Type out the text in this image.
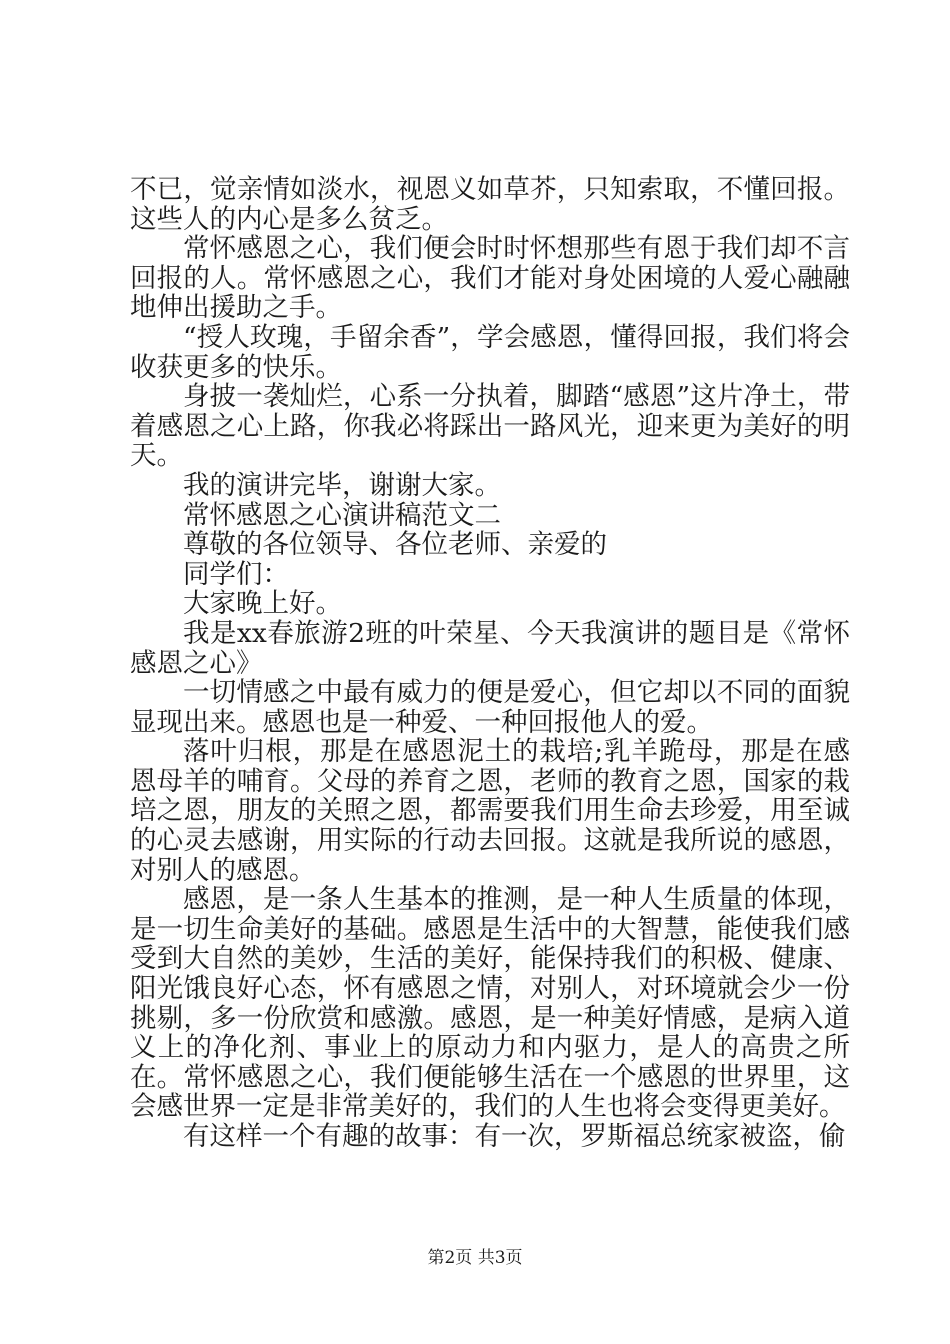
不已，觉亲情如淡水，视恩义如草芥，只知索取，不懂回报。这些人的内心是多么贫乏。

常怀感恩之心，我们便会时时怀想那些有恩于我们却不言回报的人。常怀感恩之心，我们才能对身处困境的人爱心融融地伸出援助之手。

“授人玫瑰，手留余香”，学会感恩，懂得回报，我们将会收获更多的快乐。

身披一袭灿烂，心系一分执着，脚踏“感恩”这片净土，带着感恩之心上路，你我必将踩出一路风光，迎来更为美好的明天。

我的演讲完毕，谢谢大家。

常怀感恩之心演讲稿范文二

尊敬的各位领导、各位老师、亲爱的

同学们：

大家晚上好。

我是xx春旅游2班的叶荣星、今天我演讲的题目是《常怀感恩之心》

一切情感之中最有威力的便是爱心，但它却以不同的面貌显现出来。感恩也是一种爱、一种回报他人的爱。

落叶归根，那是在感恩泥土的栽培;乳羊跪母，那是在感恩母羊的哺育。父母的养育之恩，老师的教育之恩，国家的栽培之恩，朋友的关照之恩，都需要我们用生命去珍爱，用至诚的心灵去感谢，用实际的行动去回报。这就是我所说的感恩，对别人的感恩。

感恩，是一条人生基本的推测，是一种人生质量的体现，是一切生命美好的基础。感恩是生活中的大智慧，能使我们感受到大自然的美妙，生活的美好，能保持我们的积极、健康、阳光饿良好心态，怀有感恩之情，对别人，对环境就会少一份挑剔，多一份欣赏和感激。感恩，是一种美好情感，是病入道义上的净化剂、事业上的原动力和内驱力，是人的高贵之所在。常怀感恩之心，我们便能够生活在一个感恩的世界里，这会感世界一定是非常美好的，我们的人生也将会变得更美好。

有这样一个有趣的故事：有一次，罗斯福总统家被盗，偷

第2页 共3页
